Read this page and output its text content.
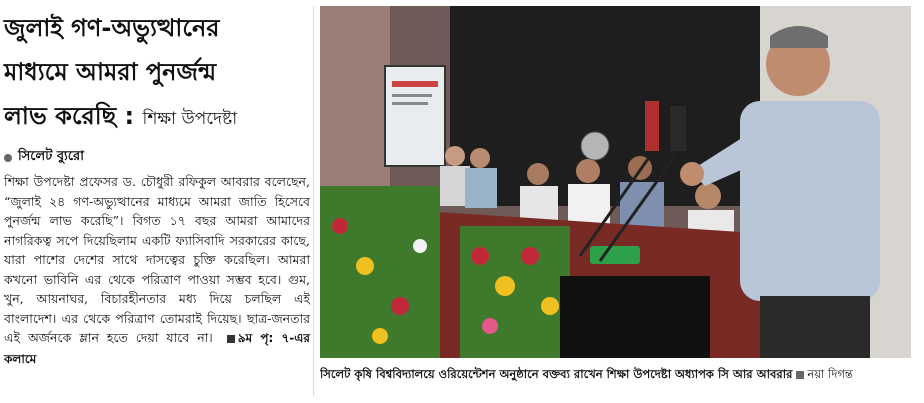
জুলাই গণ-অভ্যুত্থানের
মাধ্যমে আমরা পুনর্জন্ম
লাভ করেছি : শিক্ষা উপদেষ্টা
সিলেট ব্যুরো
শিক্ষা উপদেষ্টা প্রফেসর ড. চৌধুরী রফিকুল আবরার বলেছেন, “জুলাই ২৪ গণ-অভ্যুত্থানের মাধ্যমে আমরা জাতি হিসেবে পুনর্জন্ম লাভ করেছি”। বিগত ১৭ বছর আমরা আমাদের নাগরিকত্ব সপে দিয়েছিলাম একটি ফ্যাসিবাদি সরকারের কাছে, যারা পাশের দেশের সাথে দাসত্বের চুক্তি করেছিল। আমরা কখনো ভাবিনি এর থেকে পরিত্রাণ পাওয়া সম্ভব হবে। গুম, খুন, আয়নাঘর, বিচারহীনতার মধ্য দিয়ে চলছিল এই বাংলাদেশ। এর থেকে পরিত্রাণ তোমরাই দিয়েছ। ছাত্র-জনতার এই অর্জনকে ম্লান হতে দেয়া যাবে না। ৯ম পৃ: ৭-এর কলামে
সিলেট কৃষি বিশ্ববিদ্যালয়ে ওরিয়েন্টেশন অনুষ্ঠানে বক্তব্য রাখেন শিক্ষা উপদেষ্টা অধ্যাপক সি আর আবরার নয়া দিগন্ত
